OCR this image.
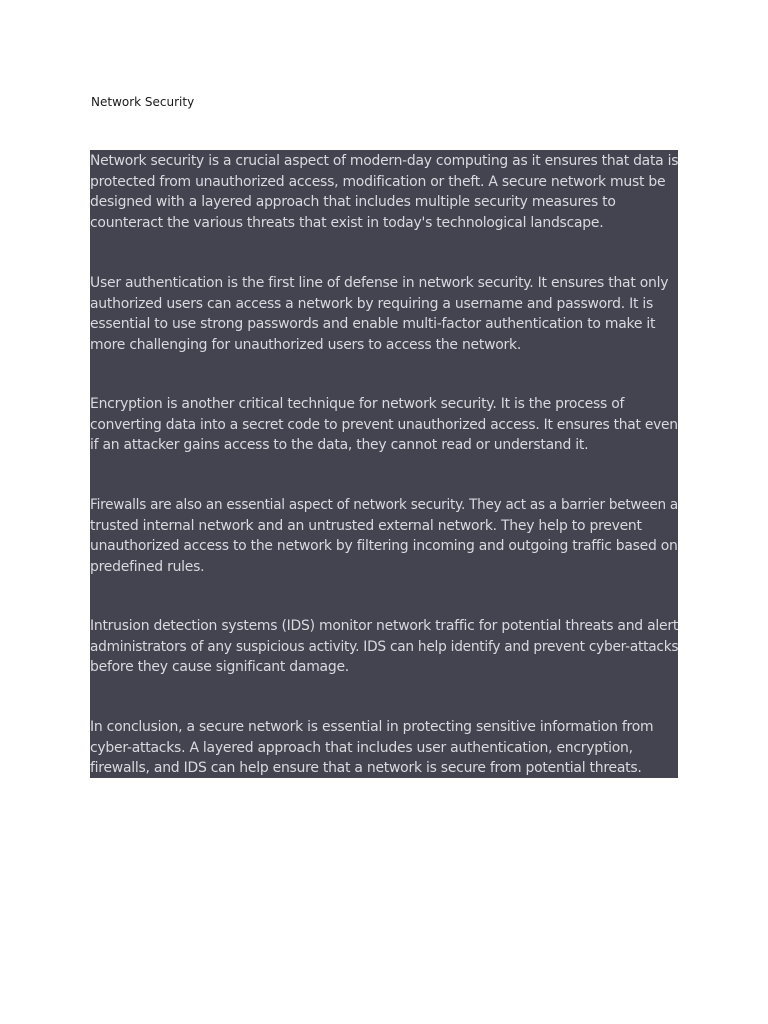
Network Security

Network security is a crucial aspect of modern-day computing as it ensures that data is
protected from unauthorized access, modification or theft. A secure network must be
designed with a layered approach that includes multiple security measures to
counteract the various threats that exist in today's technological landscape.

User authentication is the first line of defense in network security. It ensures that only
authorized users can access a network by requiring a username and password. It is
essential to use strong passwords and enable multi-factor authentication to make it
more challenging for unauthorized users to access the network.

Encryption is another critical technique for network security. It is the process of
converting data into a secret code to prevent unauthorized access. It ensures that even
if an attacker gains access to the data, they cannot read or understand it.

Firewalls are also an essential aspect of network security. They act as a barrier between a
trusted internal network and an untrusted external network. They help to prevent
unauthorized access to the network by filtering incoming and outgoing traffic based on
predefined rules.

Intrusion detection systems (IDS) monitor network traffic for potential threats and alert
administrators of any suspicious activity. IDS can help identify and prevent cyber-attacks
before they cause significant damage.

In conclusion, a secure network is essential in protecting sensitive information from
cyber-attacks. A layered approach that includes user authentication, encryption,
firewalls, and IDS can help ensure that a network is secure from potential threats.
